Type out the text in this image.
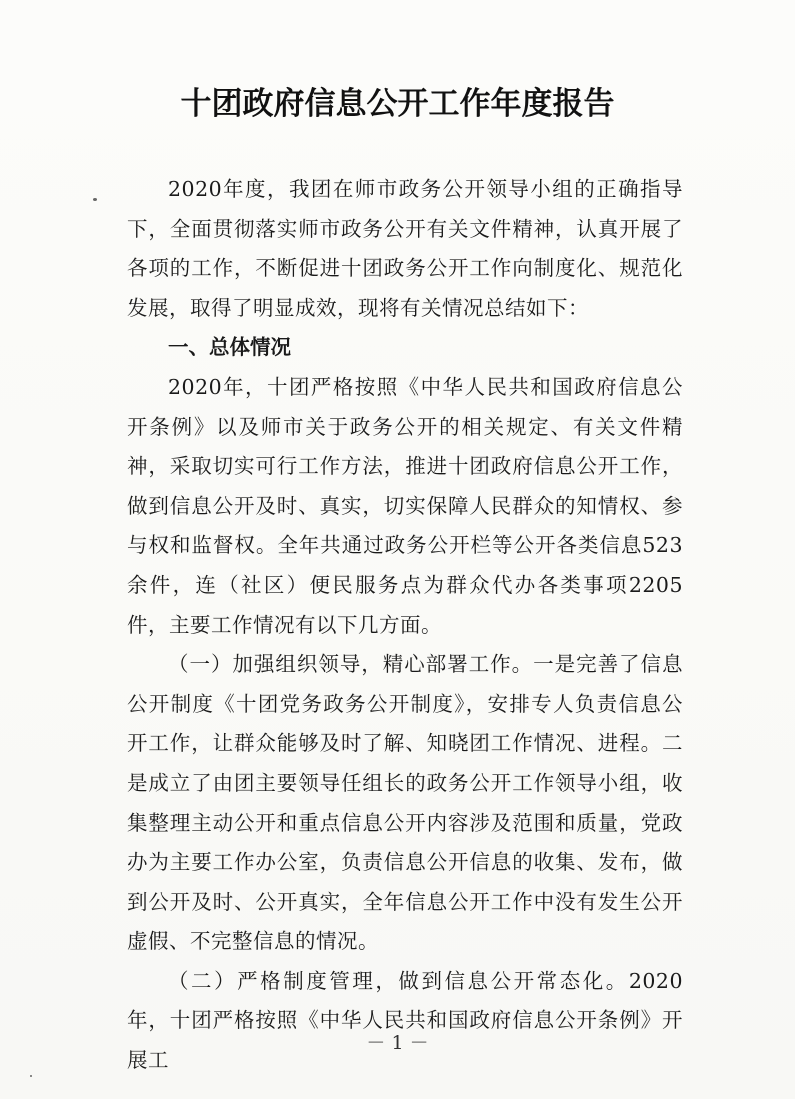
十团政府信息公开工作年度报告

2020年度，我团在师市政务公开领导小组的正确指导下，全面贯彻落实师市政务公开有关文件精神，认真开展了各项的工作，不断促进十团政务公开工作向制度化、规范化发展，取得了明显成效，现将有关情况总结如下：

一、总体情况

2020年，十团严格按照《中华人民共和国政府信息公开条例》以及师市关于政务公开的相关规定、有关文件精神，采取切实可行工作方法，推进十团政府信息公开工作，做到信息公开及时、真实，切实保障人民群众的知情权、参与权和监督权。全年共通过政务公开栏等公开各类信息523余件，连（社区）便民服务点为群众代办各类事项2205件，主要工作情况有以下几方面。

（一）加强组织领导，精心部署工作。一是完善了信息公开制度《十团党务政务公开制度》，安排专人负责信息公开工作，让群众能够及时了解、知晓团工作情况、进程。二是成立了由团主要领导任组长的政务公开工作领导小组，收集整理主动公开和重点信息公开内容涉及范围和质量，党政办为主要工作办公室，负责信息公开信息的收集、发布，做到公开及时、公开真实，全年信息公开工作中没有发生公开虚假、不完整信息的情况。

（二）严格制度管理，做到信息公开常态化。2020年，十团严格按照《中华人民共和国政府信息公开条例》开展工

－ 1 －
